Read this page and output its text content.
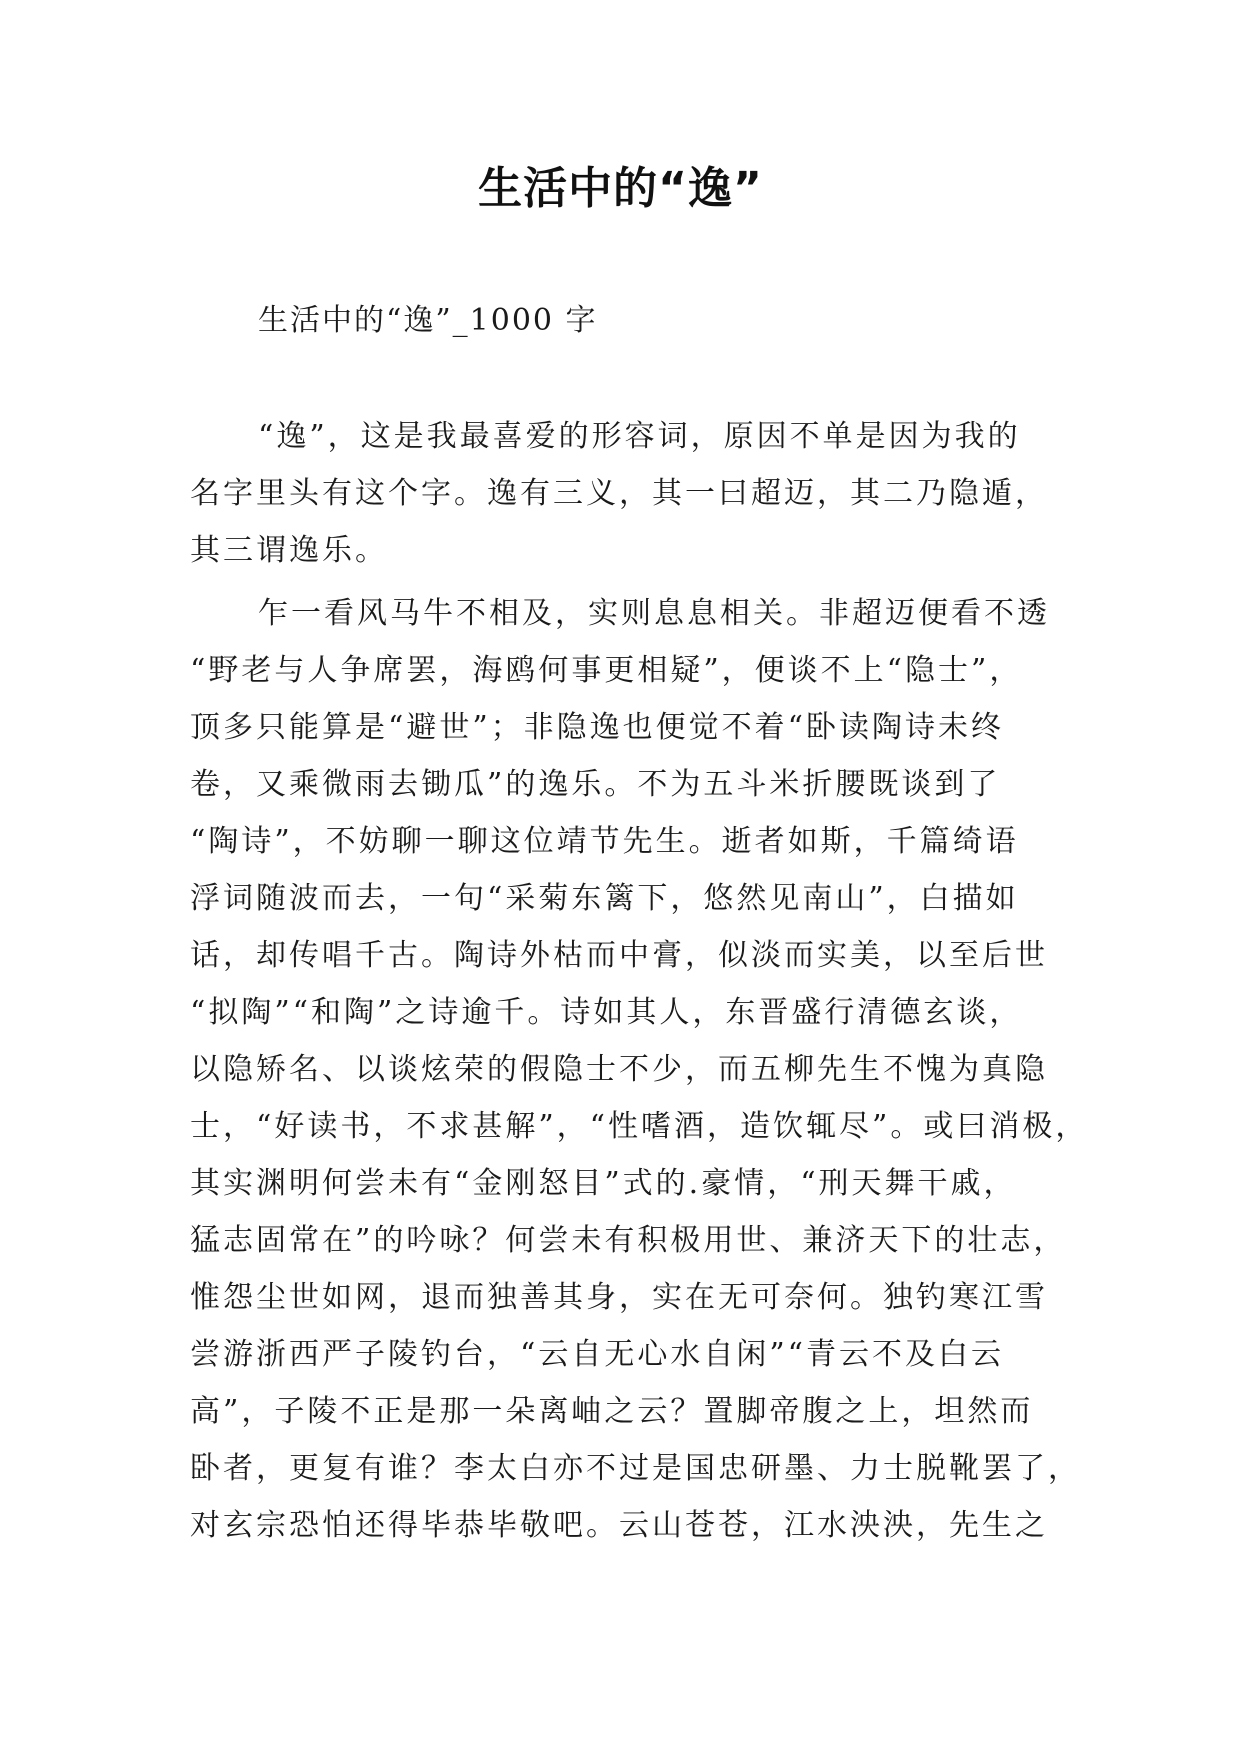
生活中的“逸”
生活中的“逸”_1000 字
“逸”，这是我最喜爱的形容词，原因不单是因为我的
名字里头有这个字。逸有三义，其一曰超迈，其二乃隐遁，
其三谓逸乐。
乍一看风马牛不相及，实则息息相关。非超迈便看不透
“野老与人争席罢，海鸥何事更相疑”，便谈不上“隐士”，
顶多只能算是“避世”；非隐逸也便觉不着“卧读陶诗未终
卷，又乘微雨去锄瓜”的逸乐。不为五斗米折腰既谈到了
“陶诗”，不妨聊一聊这位靖节先生。逝者如斯，千篇绮语
浮词随波而去，一句“采菊东篱下，悠然见南山”，白描如
话，却传唱千古。陶诗外枯而中膏，似淡而实美，以至后世
“拟陶”“和陶”之诗逾千。诗如其人，东晋盛行清德玄谈，
以隐矫名、以谈炫荣的假隐士不少，而五柳先生不愧为真隐
士，“好读书，不求甚解”，“性嗜酒，造饮辄尽”。或曰消极，
其实渊明何尝未有“金刚怒目”式的.豪情，“刑天舞干戚，
猛志固常在”的吟咏？何尝未有积极用世、兼济天下的壮志，
惟怨尘世如网，退而独善其身，实在无可奈何。独钓寒江雪
尝游浙西严子陵钓台，“云自无心水自闲”“青云不及白云
高”，子陵不正是那一朵离岫之云？置脚帝腹之上，坦然而
卧者，更复有谁？李太白亦不过是国忠研墨、力士脱靴罢了，
对玄宗恐怕还得毕恭毕敬吧。云山苍苍，江水泱泱，先生之
